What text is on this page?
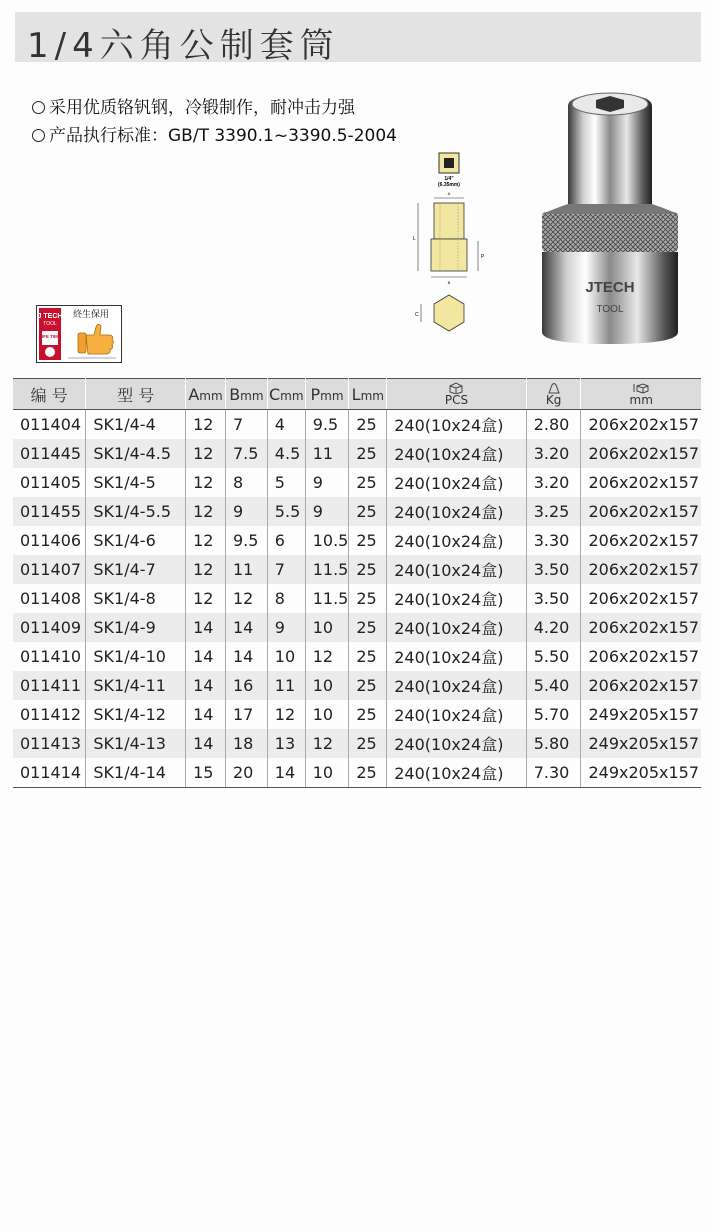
1/4六角公制套筒
采用优质铬钒钢，冷锻制作，耐冲击力强
产品执行标准：GB/T 3390.1~3390.5-2004
J TECH
TOOL
LIFE TIME
終生保用
1/4"
(6.35mm)
A
L
P
B
C
JTECH
TOOL
编 号	型 号	Amm	Bmm	Cmm	Pmm	Lmm	PCS	Kg	mm

011404	SK1/4-4	12	7	4	9.5	25	240(10x24盒)	2.80	206x202x157
011445	SK1/4-4.5	12	7.5	4.5	11	25	240(10x24盒)	3.20	206x202x157
011405	SK1/4-5	12	8	5	9	25	240(10x24盒)	3.20	206x202x157
011455	SK1/4-5.5	12	9	5.5	9	25	240(10x24盒)	3.25	206x202x157
011406	SK1/4-6	12	9.5	6	10.5	25	240(10x24盒)	3.30	206x202x157
011407	SK1/4-7	12	11	7	11.5	25	240(10x24盒)	3.50	206x202x157
011408	SK1/4-8	12	12	8	11.5	25	240(10x24盒)	3.50	206x202x157
011409	SK1/4-9	14	14	9	10	25	240(10x24盒)	4.20	206x202x157
011410	SK1/4-10	14	14	10	12	25	240(10x24盒)	5.50	206x202x157
011411	SK1/4-11	14	16	11	10	25	240(10x24盒)	5.40	206x202x157
011412	SK1/4-12	14	17	12	10	25	240(10x24盒)	5.70	249x205x157
011413	SK1/4-13	14	18	13	12	25	240(10x24盒)	5.80	249x205x157
011414	SK1/4-14	15	20	14	10	25	240(10x24盒)	7.30	249x205x157
